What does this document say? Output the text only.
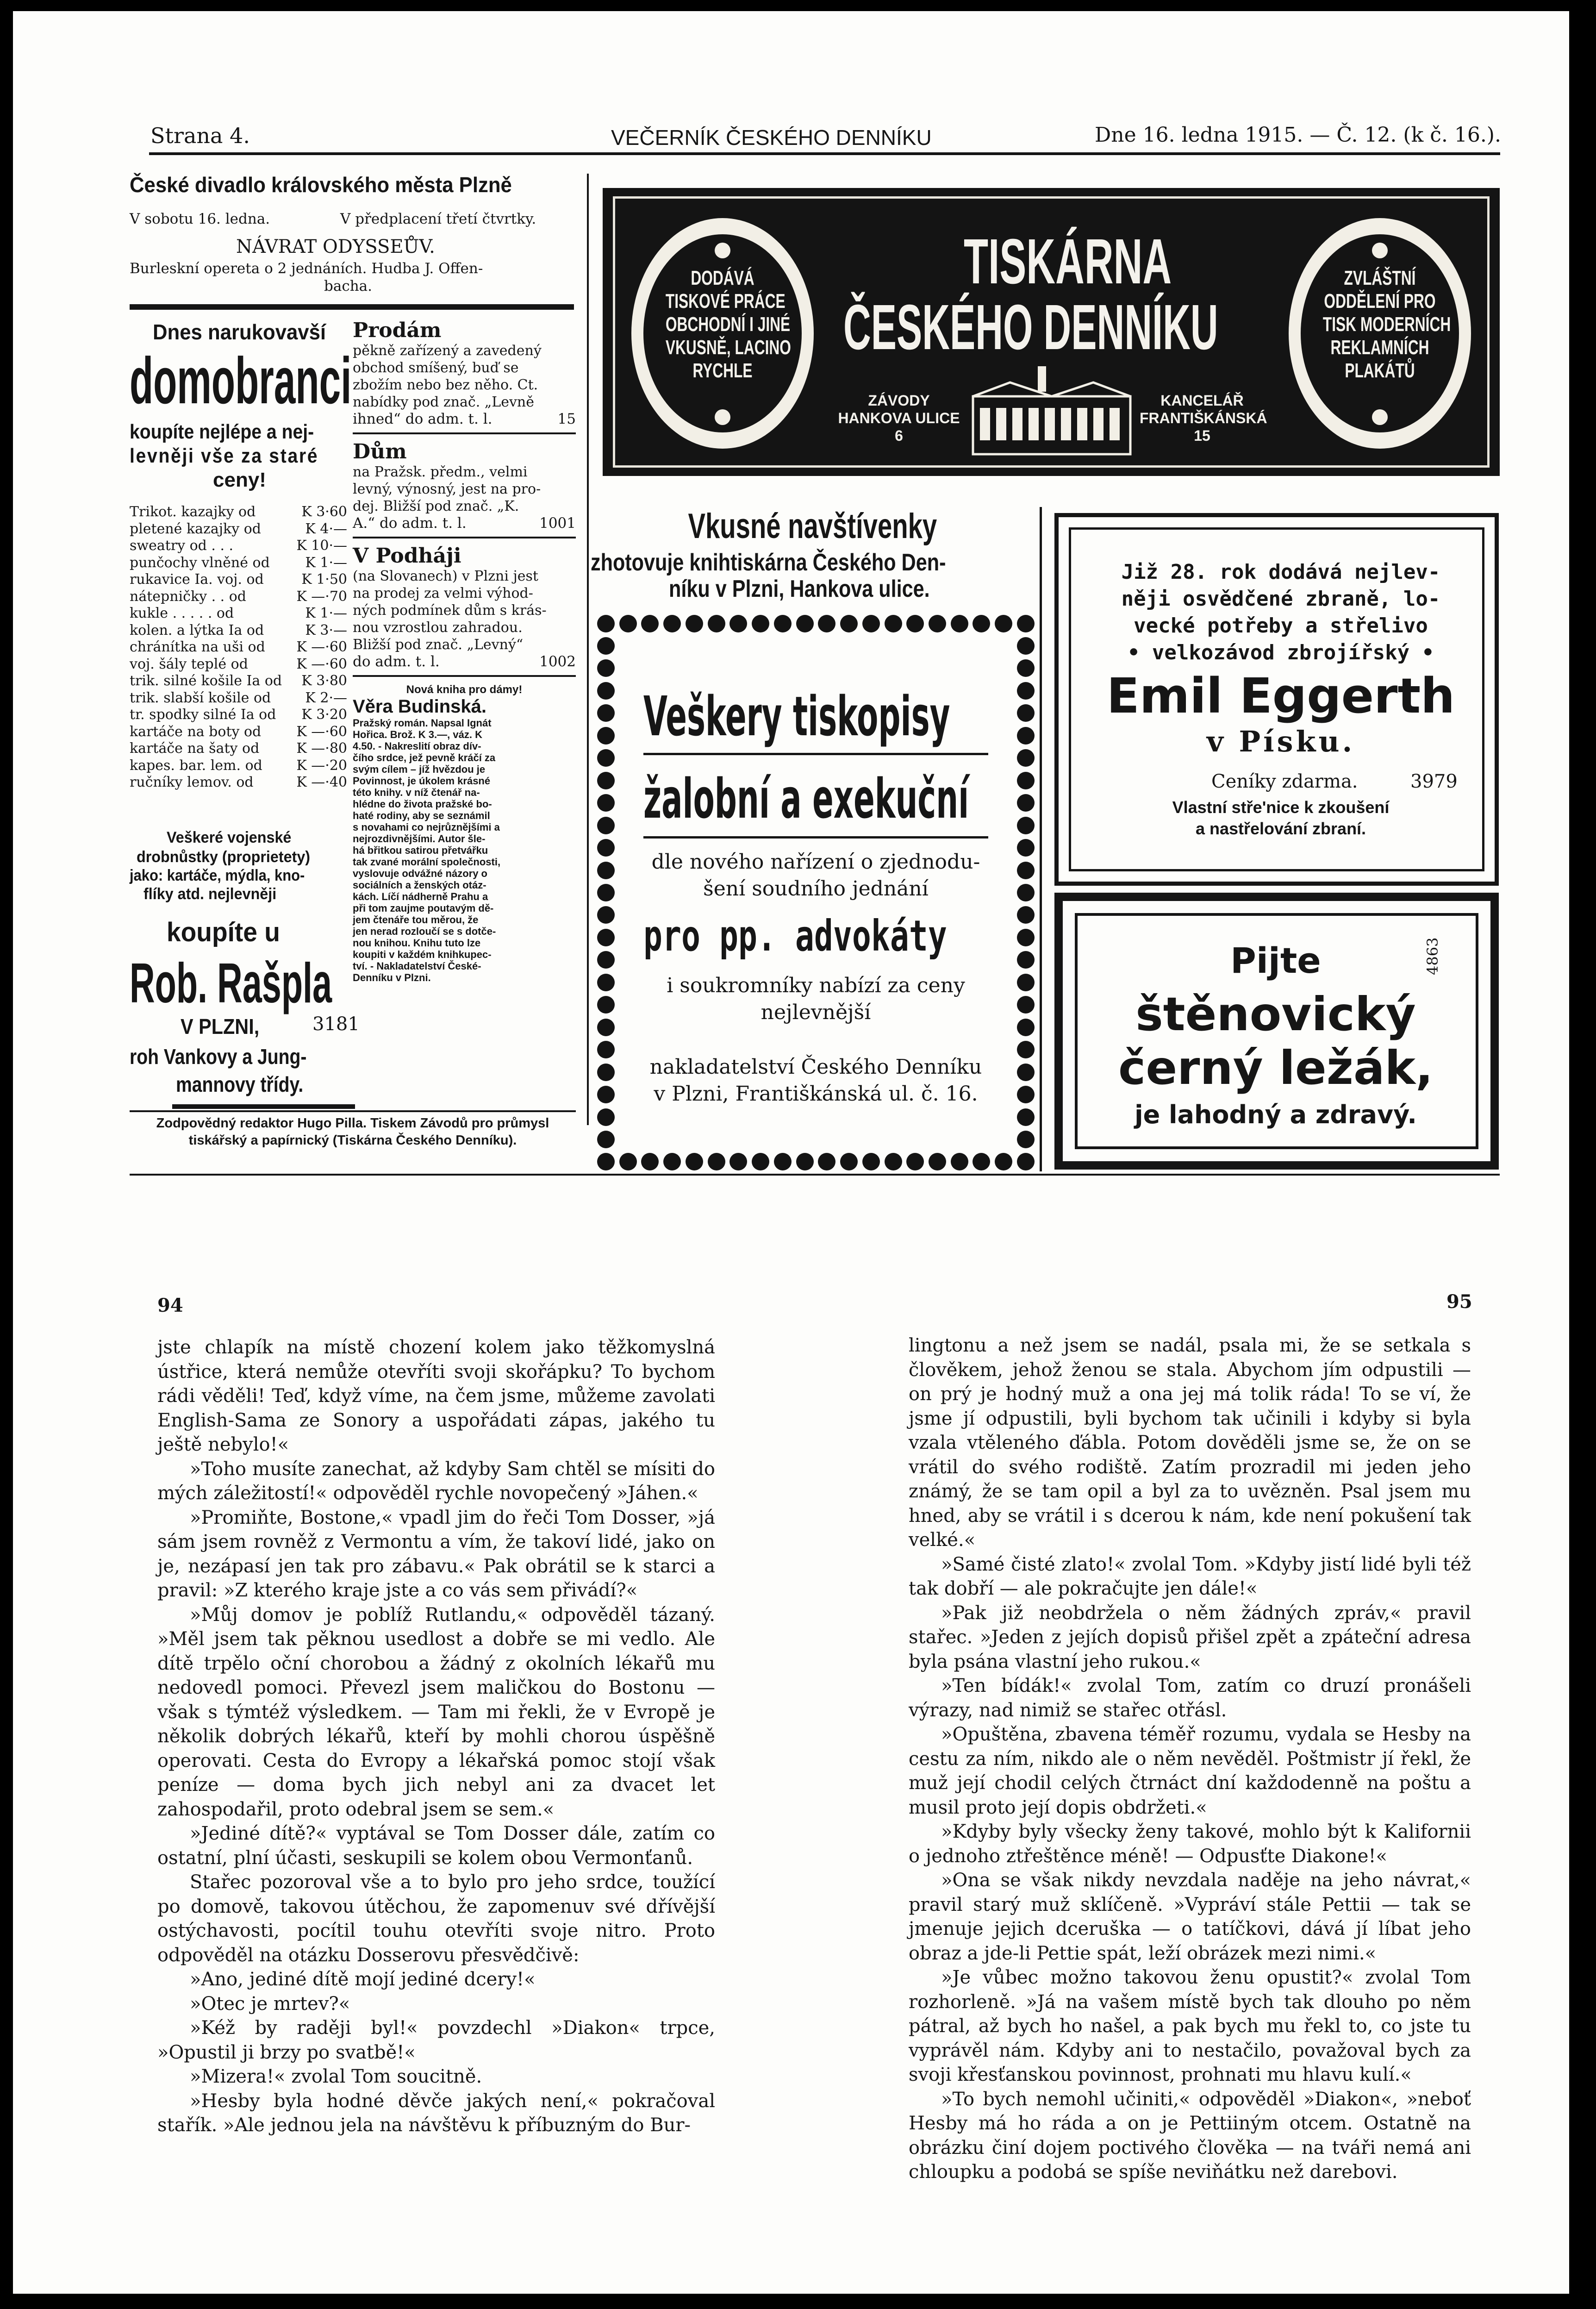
Strana 4.	VEČERNÍK ČESKÉHO DENNÍKU	Dne 16. ledna 1915. — Č. 12. (k č. 16.).
České divadlo královského města Plzně
V sobotu 16. ledna.	V předplacení třetí čtvrtky.
NÁVRAT ODYSSEŮV.
Burleskní opereta o 2 jednáních. Hudba J. Offen-
bacha.
Dnes narukovavší
domobranci
koupíte nejlépe a nej-
levněji vše za staré
ceny!
Trikot. kazajky od	K 3·60
pletené kazajky od	K 4·—
sweatry od . . .	K 10·—
punčochy vlněné od	K 1·—
rukavice Ia. voj. od	K 1·50
nátepničky . . od	K —·70
kukle . . . . . od	K 1·—
kolen. a lýtka Ia od	K 3·—
chránítka na uši od K —·60
voj. šály teplé od	K —·60
trik. silné košile Ia od K 3·80
trik. slabší košile od K 2·—
tr. spodky silné Ia od K 3·20
kartáče na boty od	K —·60
kartáče na šaty od	K —·80
kapes. bar. lem. od K —·20
ručníky lemov. od	K —·40
Veškeré vojenské
drobnůstky (proprietety)
jako: kartáče, mýdla, kno-
flíky atd. nejlevněji
koupíte u
Rob. Rašpla
V PLZNI,	3181
roh Vankovy a Jung-
mannovy třídy.
Prodám
pěkně zařízený a zavedený
obchod smíšený, buď se
zbožím nebo bez něho. Ct.
nabídky pod znač. „Levně
ihned“ do adm. t. l.	15
Dům
na Pražsk. předm., velmi
levný, výnosný, jest na pro-
dej. Bližší pod znač. „K.
A.“ do adm. t. l.	1001
V Podháji
(na Slovanech) v Plzni jest
na prodej za velmi výhod-
ných podmínek dům s krás-
nou vzrostlou zahradou.
Bližší pod znač. „Levný“
do adm. t. l.	1002
Nová kniha pro dámy!
Věra Budinská.
Pražský román. Napsal Ignát
Hořica. Brož. K 3.—, váz. K
4.50. - Nakreslití obraz dív-
čího srdce, jež pevně kráčí za
svým cílem – jíž hvězdou je
Povinnost, je úkolem krásné
této knihy. v níž čtenář na-
hlédne do života pražské bo-
haté rodiny, aby se seznámil
s novahami co nejrůznějšími a
nejrozdivnějšími. Autor šle-
há břitkou satirou přetvářku
tak zvané morální společnosti,
vyslovuje odvážné názory o
sociálních a ženských otáz-
kách. Líčí nádherně Prahu a
při tom zaujme poutavým dě-
jem čtenáře tou měrou, že
jen nerad rozloučí se s dotče-
nou knihou. Knihu tuto lze
koupiti v každém knihkupec-
tví. - Nakladatelství České-
Denníku v Plzni.
Zodpovědný redaktor Hugo Pilla. Tiskem Závodů pro průmysl tiskářský a papírnický (Tiskárna Českého Denníku).
DODÁVÁ
TISKOVÉ PRÁCE
OBCHODNÍ I JINÉ
VKUSNĚ, LACINO
RYCHLE
TISKÁRNA
ČESKÉHO DENNÍKU
ZÁVODY
HANKOVA ULICE
6
KANCELÁŘ
FRANTIŠKÁNSKÁ
15
ZVLÁŠTNÍ
ODDĚLENÍ PRO
TISK MODERNÍCH
REKLAMNÍCH
PLAKÁTŮ
Vkusné navštívenky
zhotovuje knihtiskárna Českého Den-
níku v Plzni, Hankova ulice.
Veškery tiskopisy
žalobní a exekuční
dle nového nařízení o zjednodu-
šení soudního jednání
pro pp. advokáty
i soukromníky nabízí za ceny
nejlevnější
nakladatelství Českého Denníku
v Plzni, Františkánská ul. č. 16.
Již 28. rok dodává nejlev-
něji osvědčené zbraně, lo-
vecké potřeby a střelivo
• velkozávod zbrojířský •
Emil Eggerth
v Písku.
Ceníky zdarma.	3979
Vlastní stře'nice k zkoušení
a nastřelování zbraní.
Pijte
štěnovický
černý ležák,
je lahodný a zdravý.
4863
94	95

jste chlapík na místě chození kolem jako těžkomyslná ústřice, která nemůže otevříti svoji skořápku? To bychom rádi věděli! Teď, když víme, na čem jsme, můžeme zavolati English-Sama ze Sonory a uspořádati zápas, jakého tu ještě nebylo!«

»Toho musíte zanechat, až kdyby Sam chtěl se mísiti do mých záležitostí!« odpověděl rychle novopečený »Jáhen.«

»Promiňte, Bostone,« vpadl jim do řeči Tom Dosser, »já sám jsem rovněž z Vermontu a vím, že takoví lidé, jako on je, nezápasí jen tak pro zábavu.« Pak obrátil se k starci a pravil: »Z kterého kraje jste a co vás sem přivádí?«

»Můj domov je poblíž Rutlandu,« odpověděl tázaný. »Měl jsem tak pěknou usedlost a dobře se mi vedlo. Ale dítě trpělo oční chorobou a žádný z okolních lékařů mu nedovedl pomoci. Převezl jsem maličkou do Bostonu — však s týmtéž výsledkem. — Tam mi řekli, že v Evropě je několik dobrých lékařů, kteří by mohli chorou úspěšně operovati. Cesta do Evropy a lékařská pomoc stojí však peníze — doma bych jich nebyl ani za dvacet let zahospodařil, proto odebral jsem se sem.«

»Jediné dítě?« vyptával se Tom Dosser dále, zatím co ostatní, plní účasti, seskupili se kolem obou Vermonťanů.

Stařec pozoroval vše a to bylo pro jeho srdce, toužící po domově, takovou útěchou, že zapomenuv své dřívější ostýchavosti, pocítil touhu otevříti svoje nitro. Proto odpověděl na otázku Dosserovu přesvědčivě:

»Ano, jediné dítě mojí jediné dcery!«

»Otec je mrtev?«

»Kéž by raději byl!« povzdechl »Diakon« trpce, »Opustil ji brzy po svatbě!«

»Mizera!« zvolal Tom soucitně.

»Hesby byla hodné děvče jakých není,« pokračoval stařík. »Ale jednou jela na návštěvu k příbuzným do Bur-

lingtonu a než jsem se nadál, psala mi, že se setkala s člověkem, jehož ženou se stala. Abychom jím odpustili — on prý je hodný muž a ona jej má tolik ráda! To se ví, že jsme jí odpustili, byli bychom tak učinili i kdyby si byla vzala vtěleného ďábla. Potom dověděli jsme se, že on se vrátil do svého rodiště. Zatím prozradil mi jeden jeho známý, že se tam opil a byl za to uvězněn. Psal jsem mu hned, aby se vrátil i s dcerou k nám, kde není pokušení tak velké.«

»Samé čisté zlato!« zvolal Tom. »Kdyby jistí lidé byli též tak dobří — ale pokračujte jen dále!«

»Pak již neobdržela o něm žádných zpráv,« pravil stařec. »Jeden z jejích dopisů přišel zpět a zpáteční adresa byla psána vlastní jeho rukou.«

»Ten bídák!« zvolal Tom, zatím co druzí pronášeli výrazy, nad nimiž se stařec otřásl.

»Opuštěna, zbavena téměř rozumu, vydala se Hesby na cestu za ním, nikdo ale o něm nevěděl. Poštmistr jí řekl, že muž její chodil celých čtrnáct dní každodenně na poštu a musil proto její dopis obdržeti.«

»Kdyby byly všecky ženy takové, mohlo být k Kalifornii o jednoho ztřeštěnce méně! — Odpusťte Diakone!«

»Ona se však nikdy nevzdala naděje na jeho návrat,« pravil starý muž sklíčeně. »Vypráví stále Pettii — tak se jmenuje jejich dceruška — o tatíčkovi, dává jí líbat jeho obraz a jde-li Pettie spát, leží obrázek mezi nimi.«

»Je vůbec možno takovou ženu opustit?« zvolal Tom rozhorleně. »Já na vašem místě bych tak dlouho po něm pátral, až bych ho našel, a pak bych mu řekl to, co jste tu vyprávěl nám. Kdyby ani to nestačilo, považoval bych za svoji křesťanskou povinnost, prohnati mu hlavu kulí.«

»To bych nemohl učiniti,« odpověděl »Diakon«, »neboť Hesby má ho ráda a on je Pettiiným otcem. Ostatně na obrázku činí dojem poctivého člověka — na tváři nemá ani chloupku a podobá se spíše neviňátku než darebovi.
